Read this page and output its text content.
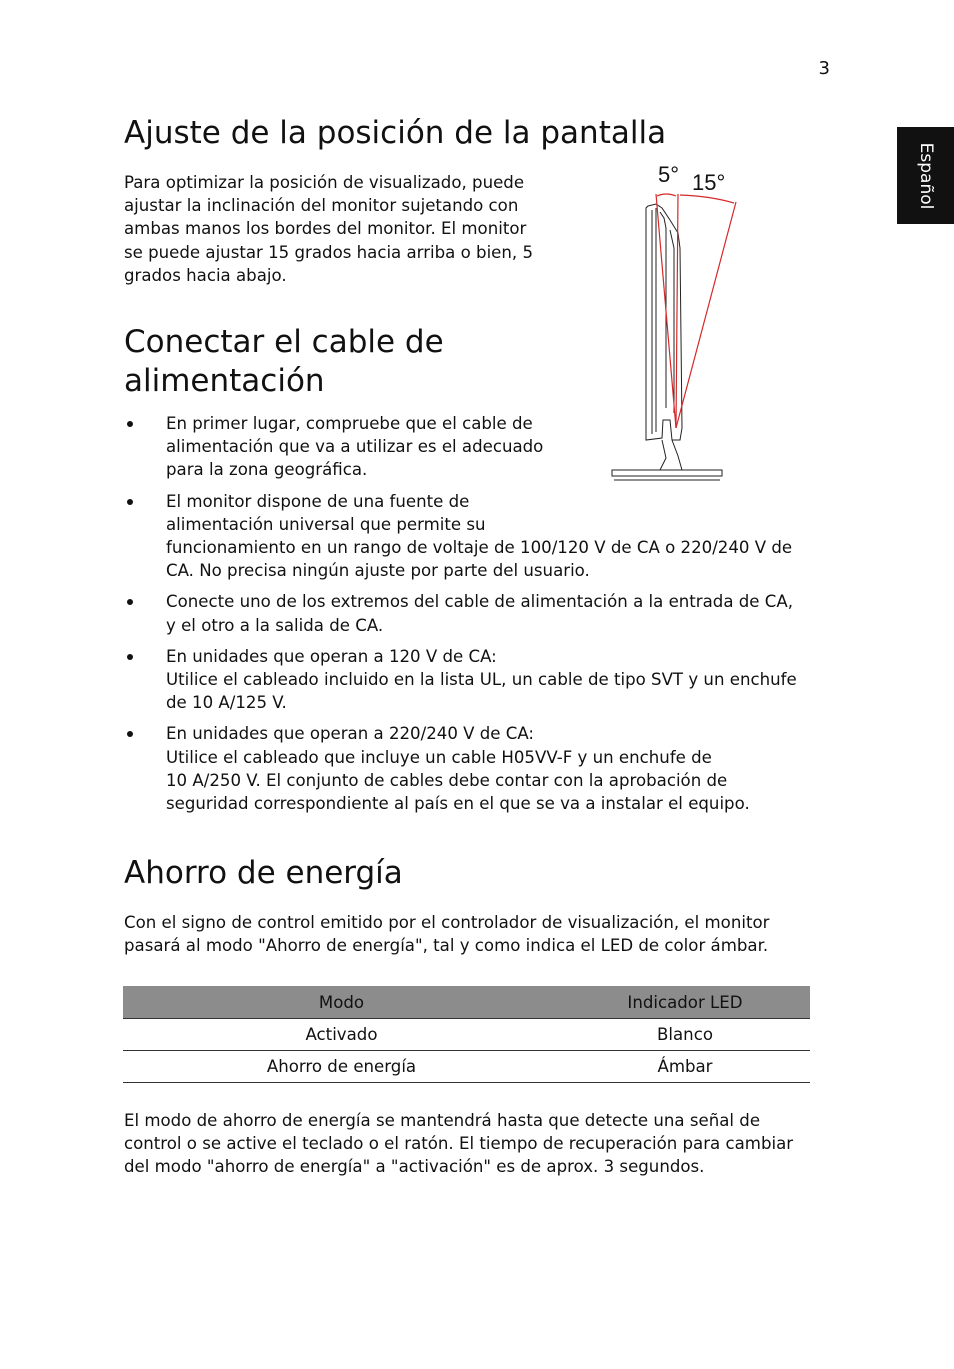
3
Español
Ajuste de la posición de la pantalla
Para optimizar la posición de visualizado, puede
ajustar la inclinación del monitor sujetando con
ambas manos los bordes del monitor. El monitor
se puede ajustar 15 grados hacia arriba o bien, 5
grados hacia abajo.
5° 15°
Conectar el cable de
alimentación
En primer lugar, compruebe que el cable de
alimentación que va a utilizar es el adecuado
para la zona geográfica.
El monitor dispone de una fuente de
alimentación universal que permite su
funcionamiento en un rango de voltaje de 100/120 V de CA o 220/240 V de
CA. No precisa ningún ajuste por parte del usuario.
Conecte uno de los extremos del cable de alimentación a la entrada de CA,
y el otro a la salida de CA.
En unidades que operan a 120 V de CA:
Utilice el cableado incluido en la lista UL, un cable de tipo SVT y un enchufe
de 10 A/125 V.
En unidades que operan a 220/240 V de CA:
Utilice el cableado que incluye un cable H05VV-F y un enchufe de
10 A/250 V. El conjunto de cables debe contar con la aprobación de
seguridad correspondiente al país en el que se va a instalar el equipo.
Ahorro de energía
Con el signo de control emitido por el controlador de visualización, el monitor
pasará al modo "Ahorro de energía", tal y como indica el LED de color ámbar.
Modo	Indicador LED
Activado	Blanco
Ahorro de energía	Ámbar
El modo de ahorro de energía se mantendrá hasta que detecte una señal de
control o se active el teclado o el ratón. El tiempo de recuperación para cambiar
del modo "ahorro de energía" a "activación" es de aprox. 3 segundos.
